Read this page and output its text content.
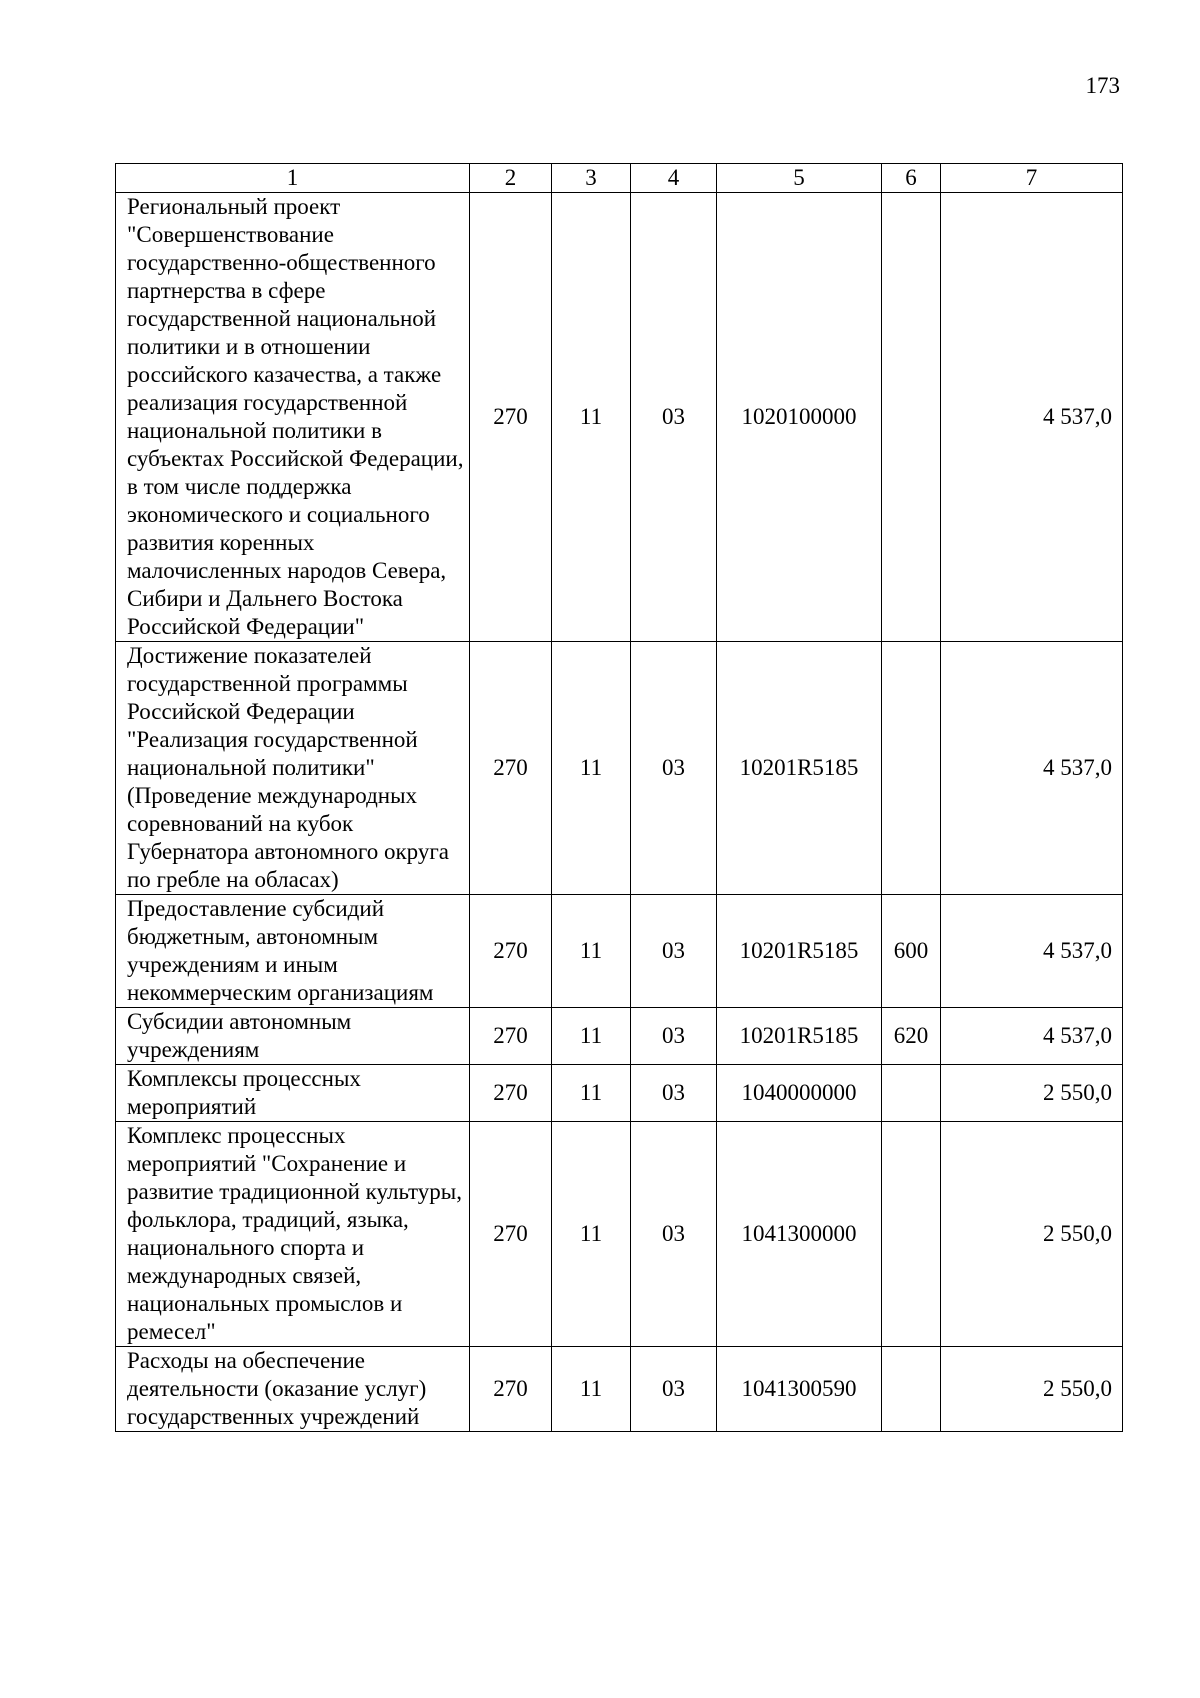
173
1	2	3	4	5	6	7
Региональный проект "Совершенствование государственно-общественного партнерства в сфере государственной национальной политики и в отношении российского казачества, а также реализация государственной национальной политики в субъектах Российской Федерации, в том числе поддержка экономического и социального развития коренных малочисленных народов Севера, Сибири и Дальнего Востока Российской Федерации"	270	11	03	1020100000		4 537,0
Достижение показателей государственной программы Российской Федерации "Реализация государственной национальной политики" (Проведение международных соревнований на кубок Губернатора автономного округа по гребле на обласах)	270	11	03	10201R5185		4 537,0
Предоставление субсидий бюджетным, автономным учреждениям и иным некоммерческим организациям	270	11	03	10201R5185	600	4 537,0
Субсидии автономным учреждениям	270	11	03	10201R5185	620	4 537,0
Комплексы процессных мероприятий	270	11	03	1040000000		2 550,0
Комплекс процессных мероприятий "Сохранение и развитие традиционной культуры, фольклора, традиций, языка, национального спорта и международных связей, национальных промыслов и ремесел"	270	11	03	1041300000		2 550,0
Расходы на обеспечение деятельности (оказание услуг) государственных учреждений	270	11	03	1041300590		2 550,0
